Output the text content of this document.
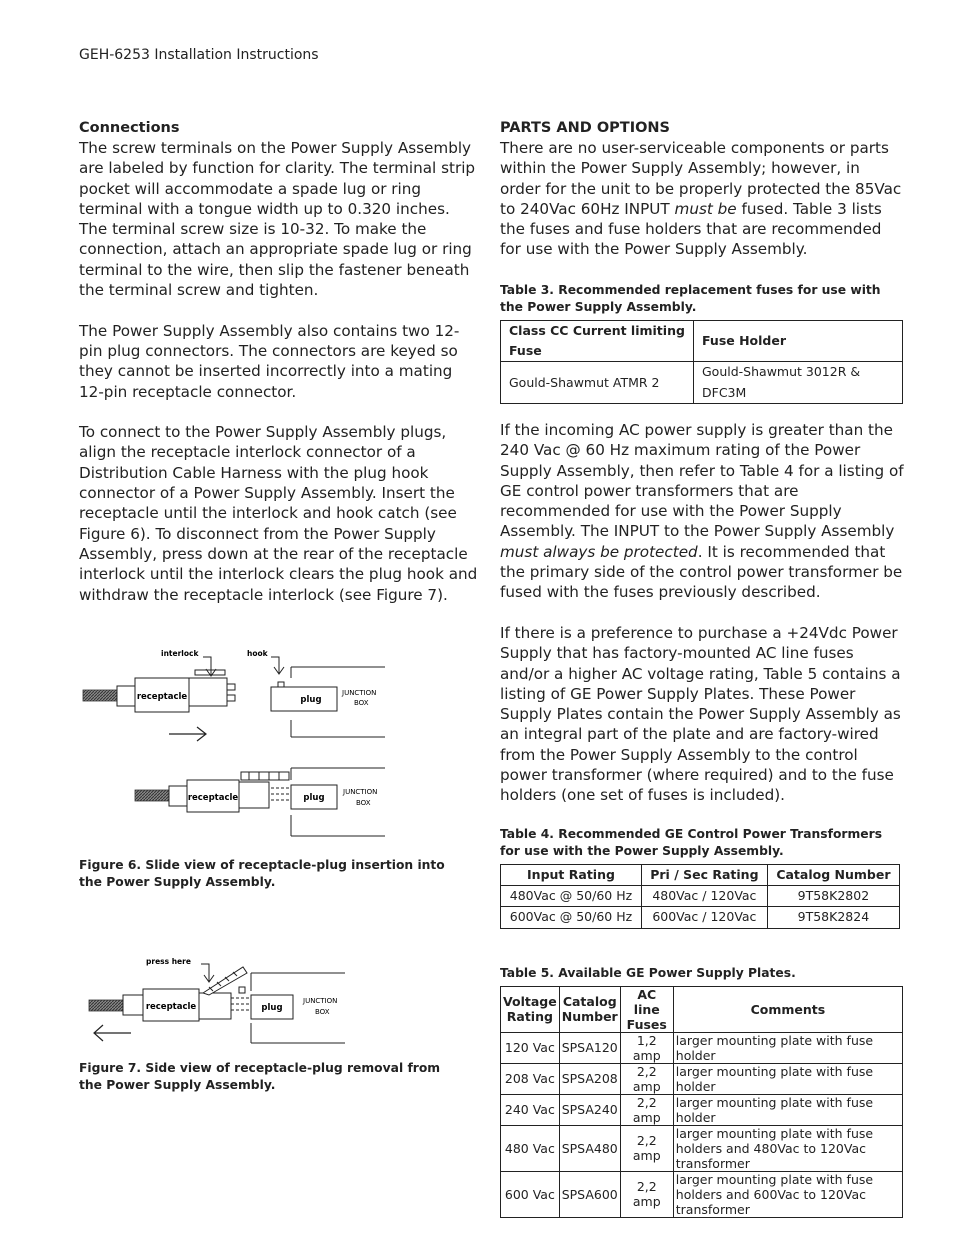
GEH-6253 Installation Instructions
Connections

The screw terminals on the Power Supply Assembly are labeled by function for clarity. The terminal strip pocket will accommodate a spade lug or ring terminal with a tongue width up to 0.320 inches. The terminal screw size is 10-32. To make the connection, attach an appropriate spade lug or ring terminal to the wire, then slip the fastener beneath the terminal screw and tighten.

The Power Supply Assembly also contains two 12-pin plug connectors. The connectors are keyed so they cannot be inserted incorrectly into a mating 12-pin receptacle connector.

To connect to the Power Supply Assembly plugs, align the receptacle interlock connector of a Distribution Cable Harness with the plug hook connector of a Power Supply Assembly. Insert the receptacle until the interlock and hook catch (see Figure 6). To disconnect from the Power Supply Assembly, press down at the rear of the receptacle interlock until the interlock clears the plug hook and withdraw the receptacle interlock (see Figure 7).

receptacle
interlock	hook
plug
JUNCTION
BOX
receptacle	plug
JUNCTION
BOX
Figure 6. Slide view of receptacle-plug insertion into the Power Supply Assembly.
receptacle	plug
JUNCTION
BOX
press here
Figure 7. Side view of receptacle-plug removal from the Power Supply Assembly.
PARTS AND OPTIONS

There are no user-serviceable components or parts within the Power Supply Assembly; however, in order for the unit to be properly protected the 85Vac to 240Vac 60Hz INPUT must be fused. Table 3 lists the fuses and fuse holders that are recommended for use with the Power Supply Assembly.

Table 3. Recommended replacement fuses for use with the Power Supply Assembly.

Class CC Current limiting Fuse	Fuse Holder
Gould-Shawmut ATMR 2	Gould-Shawmut 3012R & DFC3M

If the incoming AC power supply is greater than the 240 Vac @ 60 Hz maximum rating of the Power Supply Assembly, then refer to Table 4 for a listing of GE control power transformers that are recommended for use with the Power Supply Assembly. The INPUT to the Power Supply Assembly must always be protected. It is recommended that the primary side of the control power transformer be fused with the fuses previously described.

If there is a preference to purchase a +24Vdc Power Supply that has factory-mounted AC line fuses and/or a higher AC voltage rating, Table 5 contains a listing of GE Power Supply Plates. These Power Supply Plates contain the Power Supply Assembly as an integral part of the plate and are factory-wired from the Power Supply Assembly to the control power transformer (where required) and to the fuse holders (one set of fuses is included).

Table 4. Recommended GE Control Power Transformers for use with the Power Supply Assembly.

Input Rating	Pri / Sec Rating	Catalog Number
480Vac @ 50/60 Hz	480Vac / 120Vac	9T58K2802
600Vac @ 50/60 Hz	600Vac / 120Vac	9T58K2824

Table 5. Available GE Power Supply Plates.

Voltage Rating	Catalog Number	AC line Fuses	Comments
120 Vac	SPSA120	1,2 amp	larger mounting plate with fuse holder
208 Vac	SPSA208	2,2 amp	larger mounting plate with fuse holder
240 Vac	SPSA240	2,2 amp	larger mounting plate with fuse holder
480 Vac	SPSA480	2,2 amp	larger mounting plate with fuse holders and 480Vac to 120Vac transformer
600 Vac	SPSA600	2,2 amp	larger mounting plate with fuse holders and 600Vac to 120Vac transformer
